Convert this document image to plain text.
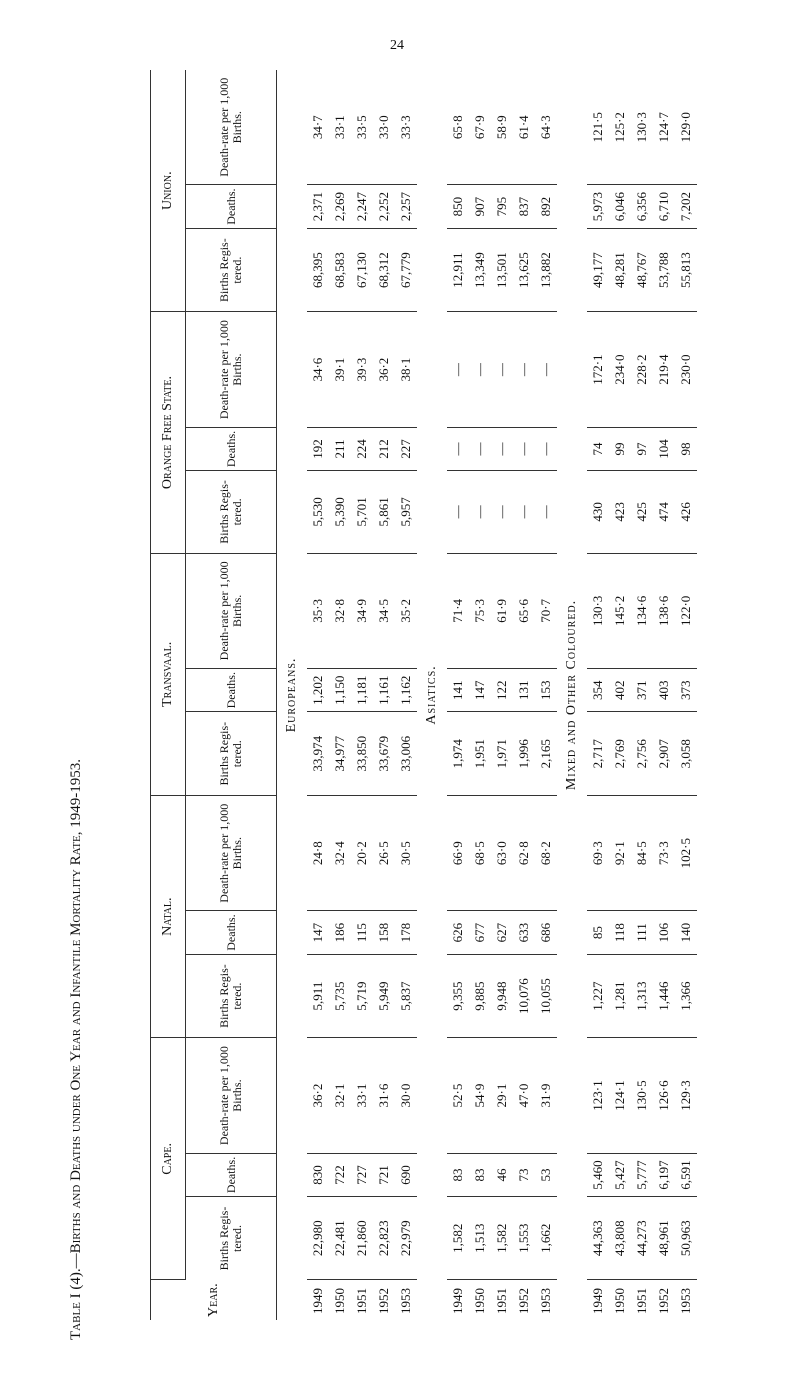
24
Table I (4).—Births and Deaths under One Year and Infantile Mortality Rate, 1949-1953.	Year.	Cape.			Natal.			Transvaal.			Orange Free State.			Union.		
	Births Regis-tered.	Deaths.	Death-rate per 1,000 Births.	Births Regis-tered.	Deaths.	Death-rate per 1,000 Births.	Births Regis-tered.	Deaths.	Death-rate per 1,000 Births.	Births Regis-tered.	Deaths.	Death-rate per 1,000 Births.	Births Regis-tered.	Deaths.	Death-rate per 1,000 Births.
Europeans.															
1949	22,980	830	36·2	5,911	147	24·8	33,974	1,202	35·3	5,530	192	34·6	68,395	2,371	34·7
1950	22,481	722	32·1	5,735	186	32·4	34,977	1,150	32·8	5,390	211	39·1	68,583	2,269	33·1
1951	21,860	727	33·1	5,719	115	20·2	33,850	1,181	34·9	5,701	224	39·3	67,130	2,247	33·5
1952	22,823	721	31·6	5,949	158	26·5	33,679	1,161	34·5	5,861	212	36·2	68,312	2,252	33·0
1953	22,979	690	30·0	5,837	178	30·5	33,006	1,162	35·2	5,957	227	38·1	67,779	2,257	33·3
Asiatics.															
1949	1,582	83	52·5	9,355	626	66·9	1,974	141	71·4	—	—	—	12,911	850	65·8
1950	1,513	83	54·9	9,885	677	68·5	1,951	147	75·3	—	—	—	13,349	907	67·9
1951	1,582	46	29·1	9,948	627	63·0	1,971	122	61·9	—	—	—	13,501	795	58·9
1952	1,553	73	47·0	10,076	633	62·8	1,996	131	65·6	—	—	—	13,625	837	61·4
1953	1,662	53	31·9	10,055	686	68·2	2,165	153	70·7	—	—	—	13,882	892	64·3
Mixed and Other Coloured.															
1949	44,363	5,460	123·1	1,227	85	69·3	2,717	354	130·3	430	74	172·1	49,177	5,973	121·5
1950	43,808	5,427	124·1	1,281	118	92·1	2,769	402	145·2	423	99	234·0	48,281	6,046	125·2
1951	44,273	5,777	130·5	1,313	111	84·5	2,756	371	134·6	425	97	228·2	48,767	6,356	130·3
1952	48,961	6,197	126·6	1,446	106	73·3	2,907	403	138·6	474	104	219·4	53,788	6,710	124·7
1953	50,963	6,591	129·3	1,366	140	102·5	3,058	373	122·0	426	98	230·0	55,813	7,202	129·0
